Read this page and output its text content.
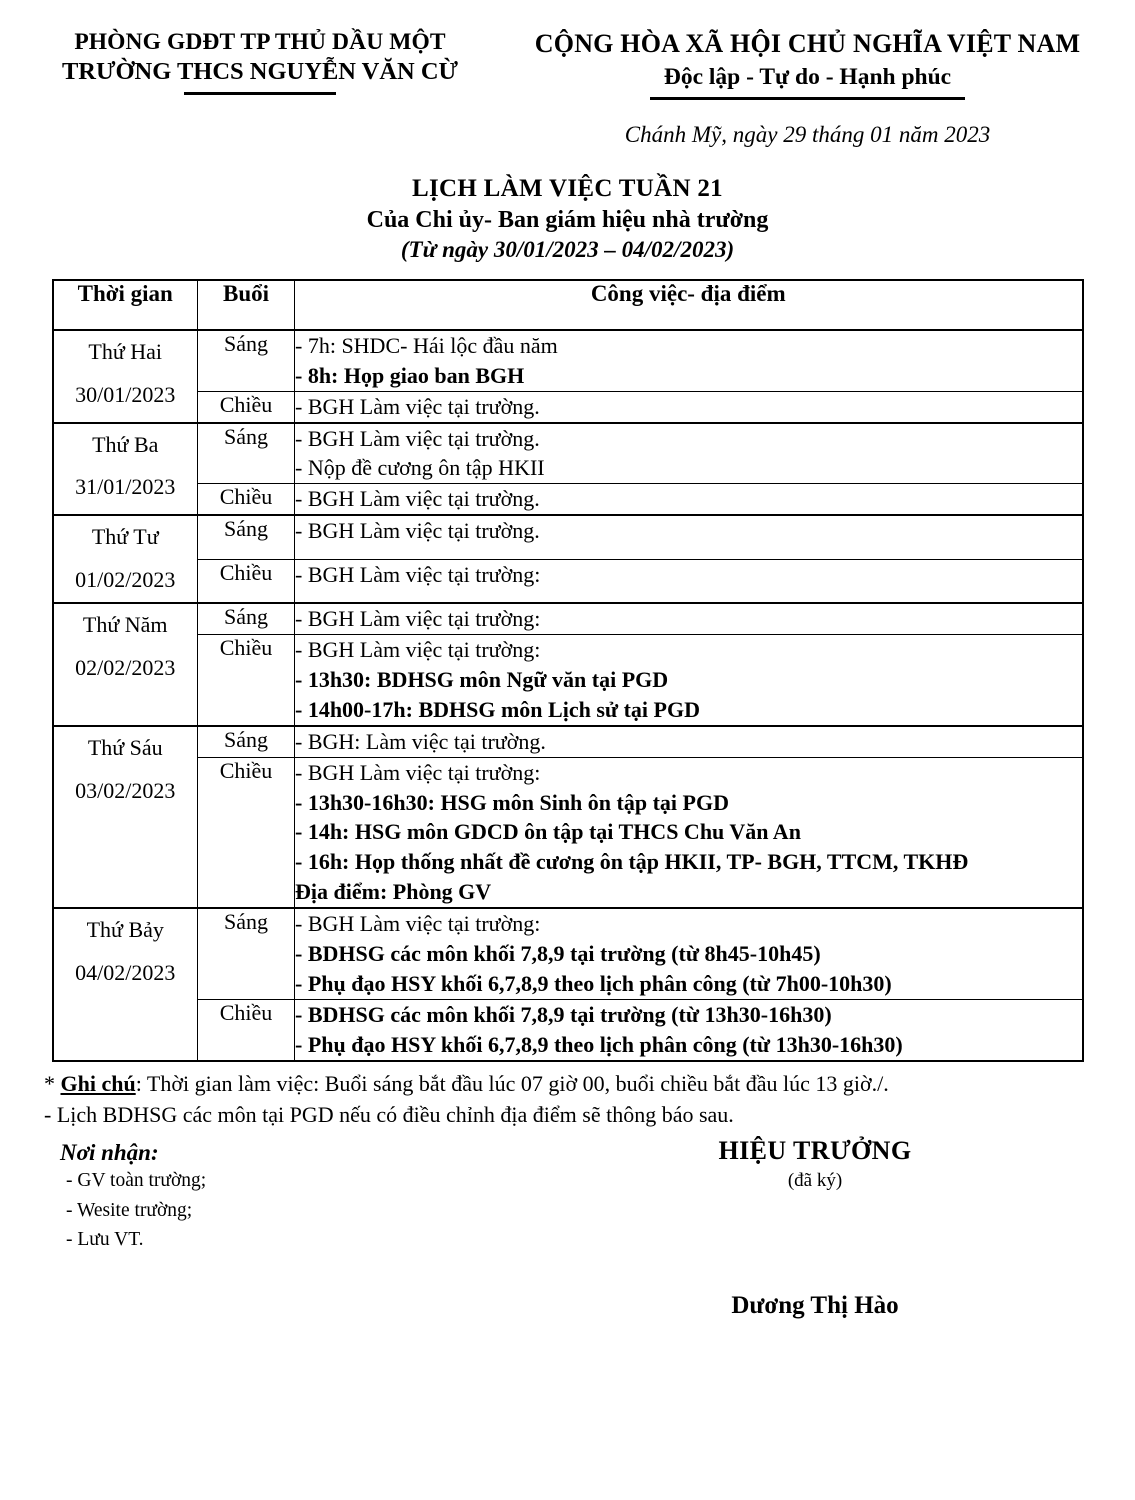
PHÒNG GDĐT TP THỦ DẦU MỘT
TRƯỜNG THCS NGUYỄN VĂN CỪ
CỘNG HÒA XÃ HỘI CHỦ NGHĨA VIỆT NAM
Độc lập - Tự do - Hạnh phúc
Chánh Mỹ, ngày 29 tháng 01 năm 2023
LỊCH LÀM VIỆC TUẦN 21
Của Chi ủy- Ban giám hiệu nhà trường
(Từ ngày 30/01/2023 – 04/02/2023)
Thời gian	Buổi	Công việc- địa điểm

Thứ Hai
30/01/2023	Sáng	- 7h: SHDC- Hái lộc đầu năm
- 8h: Họp giao ban BGH

	Chiều	- BGH Làm việc tại trường.

Thứ Ba
31/01/2023	Sáng	- BGH Làm việc tại trường.
- Nộp đề cương ôn tập HKII

	Chiều	- BGH Làm việc tại trường.

Thứ Tư
01/02/2023	Sáng	- BGH Làm việc tại trường.

	Chiều	- BGH Làm việc tại trường:

Thứ Năm
02/02/2023	Sáng	- BGH Làm việc tại trường:

	Chiều	- BGH Làm việc tại trường:
- 13h30: BDHSG môn Ngữ văn tại PGD
- 14h00-17h: BDHSG môn Lịch sử tại PGD

Thứ Sáu
03/02/2023	Sáng	- BGH: Làm việc tại trường.

	Chiều	- BGH Làm việc tại trường:
- 13h30-16h30: HSG môn Sinh ôn tập tại PGD
- 14h: HSG môn GDCD ôn tập tại THCS Chu Văn An
- 16h: Họp thống nhất đề cương ôn tập HKII, TP- BGH, TTCM, TKHĐ
Địa điểm: Phòng GV

Thứ Bảy
04/02/2023	Sáng	- BGH Làm việc tại trường:
- BDHSG các môn khối 7,8,9 tại trường (từ 8h45-10h45)
- Phụ đạo HSY khối 6,7,8,9 theo lịch phân công (từ 7h00-10h30)

	Chiều	- BDHSG các môn khối 7,8,9 tại trường (từ 13h30-16h30)
- Phụ đạo HSY khối 6,7,8,9 theo lịch phân công (từ 13h30-16h30)
* Ghi chú: Thời gian làm việc: Buổi sáng bắt đầu lúc 07 giờ 00, buổi chiều bắt đầu lúc 13 giờ./.
- Lịch BDHSG các môn tại PGD nếu có điều chỉnh địa điểm sẽ thông báo sau.
Nơi nhận:
- GV toàn trường;
- Wesite trường;
- Lưu VT.
HIỆU TRƯỞNG
(đã ký)
Dương Thị Hào
